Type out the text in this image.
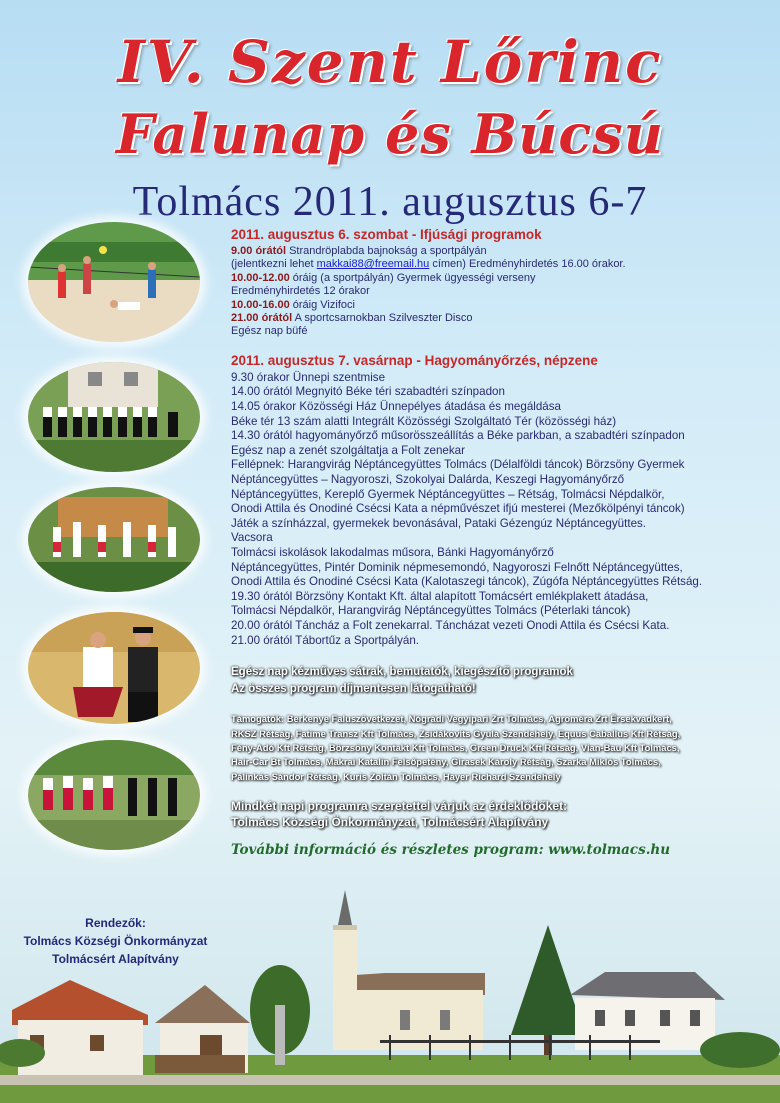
IV. Szent Lőrinc
Falunap és Búcsú
Tolmács 2011. augusztus 6-7

2011. augusztus 6. szombat - Ifjúsági programok

9.00 órától Strandröplabda bajnokság a sportpályán

(jelentkezni lehet makkai88@freemail.hu címen) Eredményhirdetés 16.00 órakor.

10.00-12.00 óráig (a sportpályán) Gyermek ügyességi verseny

Eredményhirdetés 12 órakor

10.00-16.00 óráig Vizifoci

21.00 órától A sportcsarnokban Szilveszter Disco

Egész nap büfé

2011. augusztus 7. vasárnap - Hagyományőrzés, népzene

9.30 órakor Ünnepi szentmise

14.00 órától Megnyitó Béke téri szabadtéri színpadon

14.05 órakor Közösségi Ház Ünnepélyes átadása és megáldása

Béke tér 13 szám alatti Integrált Közösségi Szolgáltató Tér (közösségi ház)

14.30 órától hagyományőrző műsorösszeállítás a Béke parkban, a szabadtéri színpadon

Egész nap a zenét szolgáltatja a Folt zenekar

Fellépnek: Harangvirág Néptáncegyüttes Tolmács (Délalföldi táncok) Börzsöny Gyermek

Néptáncegyüttes – Nagyoroszi, Szokolyai Dalárda, Keszegi Hagyományőrző

Néptáncegyüttes, Kereplő Gyermek Néptáncegyüttes – Rétság, Tolmácsi Népdalkör,

Onodi Attila és Onodiné Csécsi Kata a népművészet ifjú mesterei (Mezőkölpényi táncok)

Játék a színházzal, gyermekek bevonásával, Pataki Gézengúz Néptáncegyüttes.

Vacsora

Tolmácsi iskolások lakodalmas műsora, Bánki Hagyományőrző

Néptáncegyüttes, Pintér Dominik népmesemondó, Nagyoroszi Felnőtt Néptáncegyüttes,

Onodi Attila és Onodiné Csécsi Kata (Kalotaszegi táncok), Zúgófa Néptáncegyüttes Rétság.

19.30 órától Börzsöny Kontakt Kft. által alapított Tomácsért emlékplakett átadása,

Tolmácsi Népdalkör, Harangvirág Néptáncegyüttes Tolmács (Péterlaki táncok)

20.00 órától Táncház a Folt zenekarral. Táncházat vezeti Onodi Attila és Csécsi Kata.

21.00 órától Tábortűz a Sportpályán.

Egész nap kézműves sátrak, bemutatók, kiegészítő programok

Az összes program díjmentesen látogatható!

Támogatók: Berkenye Faluszövetkezet, Nógrádi Vegyipari Zrt Tolmács, Agroméra Zrt Érsekvadkert,

RKSZ Rétság, Fatime Transz Kft Tolmács, Zsidákovits Gyula Szendehely, Equus Caballus Kft Rétság,

Fény-Adó Kft Rétság, Börzsöny Kontakt Kft Tolmács, Green Druck Kft Rétság, Vian-Bau Kft Tolmács,

Hair-Car Bt Tolmács, Makrai Katalin Felsőpetény, Girasek Károly Rétság, Szarka Miklós Tolmács,

Pálinkás Sándor Rétság, Kuris Zoltán Tolmács, Hayer Richard Szendehely

Mindkét napi programra szeretettel várjuk az érdeklődőket:

Tolmács Községi Önkormányzat, Tolmácsért Alapítvány

További információ és részletes program: www.tolmacs.hu

Rendezők:
Tolmács Községi Önkormányzat
Tolmácsért Alapítvány
